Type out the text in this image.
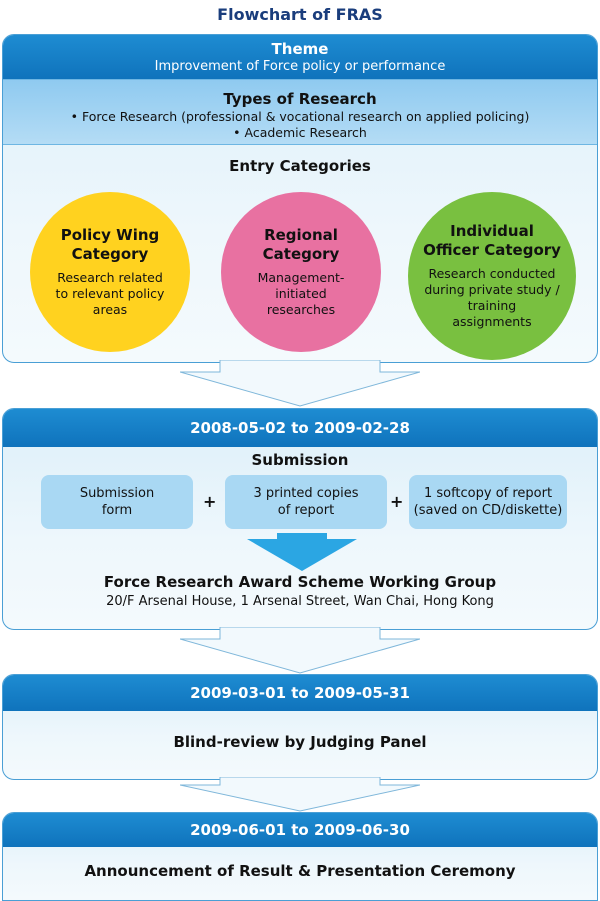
Flowchart of FRAS
Theme
Improvement of Force policy or performance
Types of Research
• Force Research (professional & vocational research on applied policing)
• Academic Research
Entry Categories
Policy Wing
Category
Research related
to relevant policy
areas
Regional
Category
Management-
initiated
researches
Individual
Officer Category
Research conducted
during private study /
training
assignments
2008-05-02 to 2009-02-28
Submission
Submission
form	+	3 printed copies
of report	+	1 softcopy of report
(saved on CD/diskette)
Force Research Award Scheme Working Group
20/F Arsenal House, 1 Arsenal Street, Wan Chai, Hong Kong
2009-03-01 to 2009-05-31
Blind-review by Judging Panel
2009-06-01 to 2009-06-30
Announcement of Result & Presentation Ceremony
